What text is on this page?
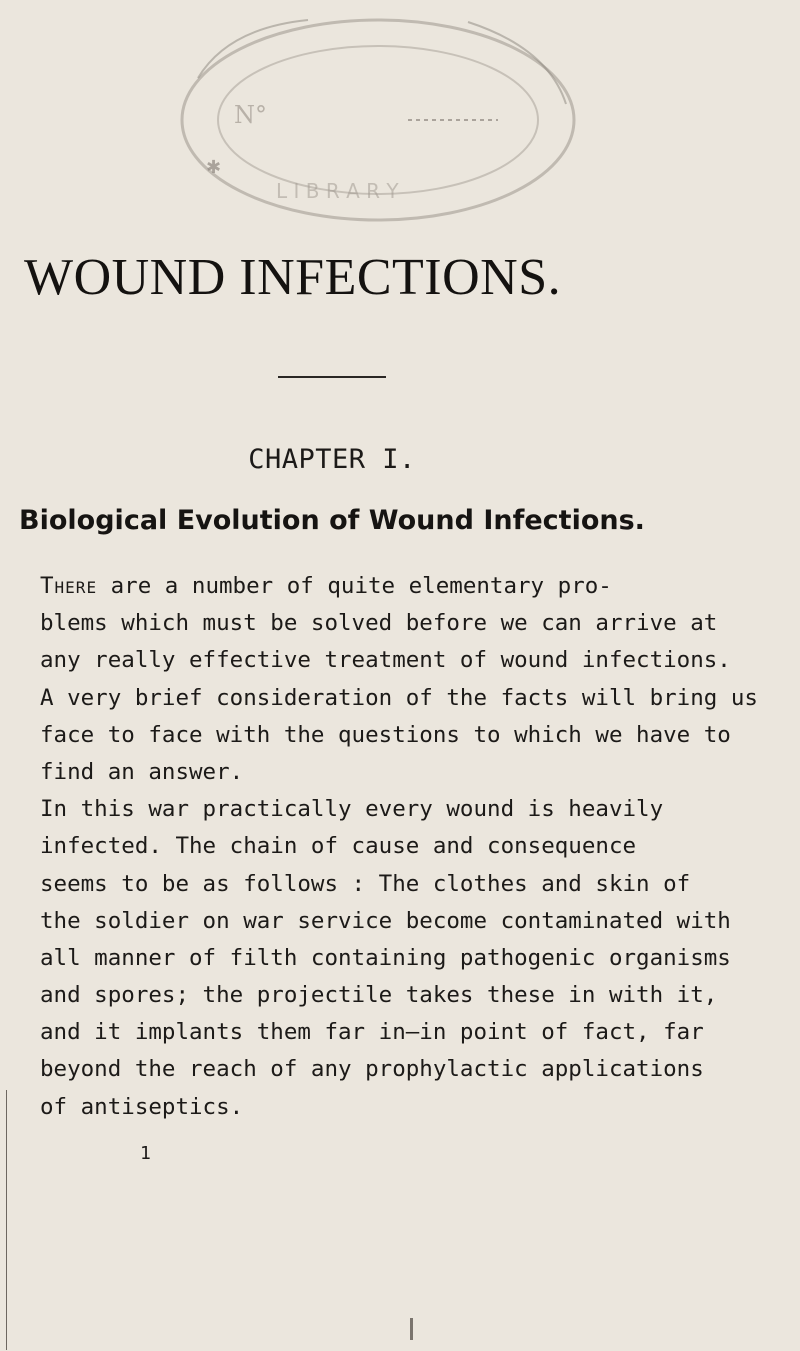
N°
L I B R A R Y
✱
WOUND INFECTIONS.
CHAPTER I.
Biological Evolution of Wound Infections.
There are a number of quite elementary pro-
blems which must be solved before we can arrive at
any really effective treatment of wound infections.
A very brief consideration of the facts will bring us
face to face with the questions to which we have to
find an answer.
In this war practically every wound is heavily
infected. The chain of cause and consequence
seems to be as follows : The clothes and skin of
the soldier on war service become contaminated with
all manner of filth containing pathogenic organisms
and spores; the projectile takes these in with it,
and it implants them far in—in point of fact, far
beyond the reach of any prophylactic applications
of antiseptics.
1
